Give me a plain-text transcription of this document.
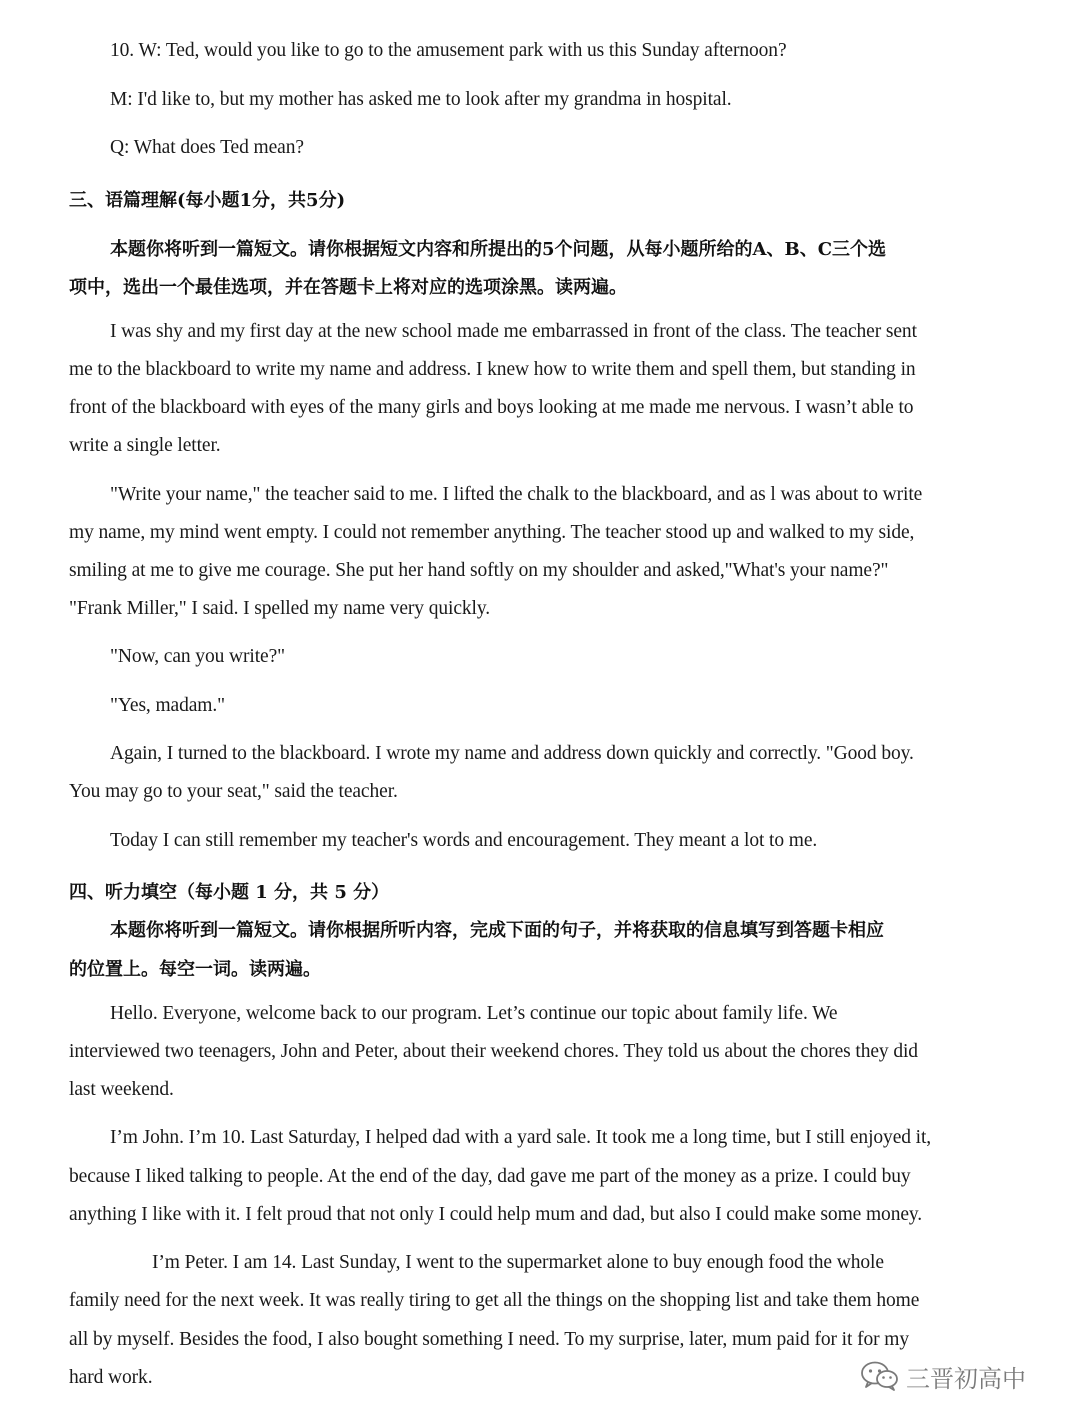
10. W: Ted, would you like to go to the amusement park with us this Sunday afternoon?
M: I'd like to, but my mother has asked me to look after my grandma in hospital.
Q: What does Ted mean?
三、语篇理解(每小题1分，共5分)
本题你将听到一篇短文。请你根据短文内容和所提出的5个问题，从每小题所给的A、B、C三个选
项中，选出一个最佳选项，并在答题卡上将对应的选项涂黑。读两遍。
I was shy and my first day at the new school made me embarrassed in front of the class. The teacher sent
me to the blackboard to write my name and address. I knew how to write them and spell them, but standing in
front of the blackboard with eyes of the many girls and boys looking at me made me nervous. I wasn’t able to
write a single letter.
"Write your name," the teacher said to me. I lifted the chalk to the blackboard, and as l was about to write
my name, my mind went empty. I could not remember anything. The teacher stood up and walked to my side,
smiling at me to give me courage. She put her hand softly on my shoulder and asked,"What's your name?"
"Frank Miller," I said. I spelled my name very quickly.
"Now, can you write?"
"Yes, madam."
Again, I turned to the blackboard. I wrote my name and address down quickly and correctly. "Good boy.
You may go to your seat," said the teacher.
Today I can still remember my teacher's words and encouragement. They meant a lot to me.
四、听力填空（每小题 1 分，共 5 分）
本题你将听到一篇短文。请你根据所听内容，完成下面的句子，并将获取的信息填写到答题卡相应
的位置上。每空一词。读两遍。
Hello. Everyone, welcome back to our program. Let’s continue our topic about family life. We
interviewed two teenagers, John and Peter, about their weekend chores. They told us about the chores they did
last weekend.
I’m John. I’m 10. Last Saturday, I helped dad with a yard sale. It took me a long time, but I still enjoyed it,
because I liked talking to people. At the end of the day, dad gave me part of the money as a prize. I could buy
anything I like with it. I felt proud that not only I could help mum and dad, but also I could make some money.
I’m Peter. I am 14. Last Sunday, I went to the supermarket alone to buy enough food the whole
family need for the next week. It was really tiring to get all the things on the shopping list and take them home
all by myself. Besides the food, I also bought something I need. To my surprise, later, mum paid for it for my
hard work.	三晋初高中
